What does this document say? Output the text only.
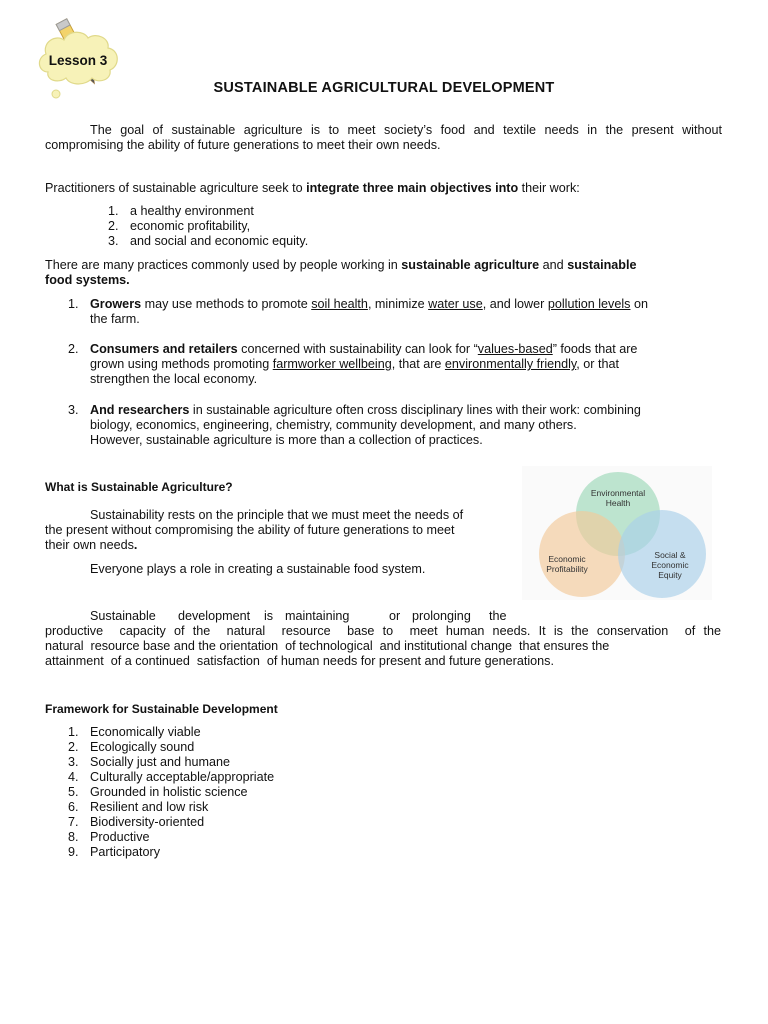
Lesson 3
SUSTAINABLE AGRICULTURAL DEVELOPMENT

The goal of sustainable agriculture is to meet society’s food and textile needs in the present without

compromising the ability of future generations to meet their own needs.

Practitioners of sustainable agriculture seek to integrate three main objectives into their work:
1. a healthy environment
2. economic profitability,
3. and social and economic equity.

There are many practices commonly used by people working in sustainable agriculture and sustainable

food systems.

1. Growers may use methods to promote soil health, minimize water use, and lower pollution levels on

the farm.

2. Consumers and retailers concerned with sustainability can look for “values-based” foods that are

grown using methods promoting farmworker wellbeing, that are environmentally friendly, or that

strengthen the local economy.

3. And researchers in sustainable agriculture often cross disciplinary lines with their work: combining

biology, economics, engineering, chemistry, community development, and many others.

However, sustainable agriculture is more than a collection of practices.

What is Sustainable Agriculture?

Sustainability rests on the principle that we must meet the needs of

the present without compromising the ability of future generations to meet

their own needs.

Everyone plays a role in creating a sustainable food system.
Environmental
Health
Economic
Profitability
Social &
Economic
Equity

Sustainable development is maintaining	or prolonging the

productive  capacity of the  natural  resource  base to  meet human needs. It is the conservation  of the

natural  resource base and the orientation  of technological  and institutional change  that ensures the

attainment  of a continued  satisfaction  of human needs for present and future generations.

Framework for Sustainable Development
1. Economically viable
2. Ecologically sound
3. Socially just and humane
4. Culturally acceptable/appropriate
5. Grounded in holistic science
6. Resilient and low risk
7. Biodiversity-oriented
8. Productive
9. Participatory
